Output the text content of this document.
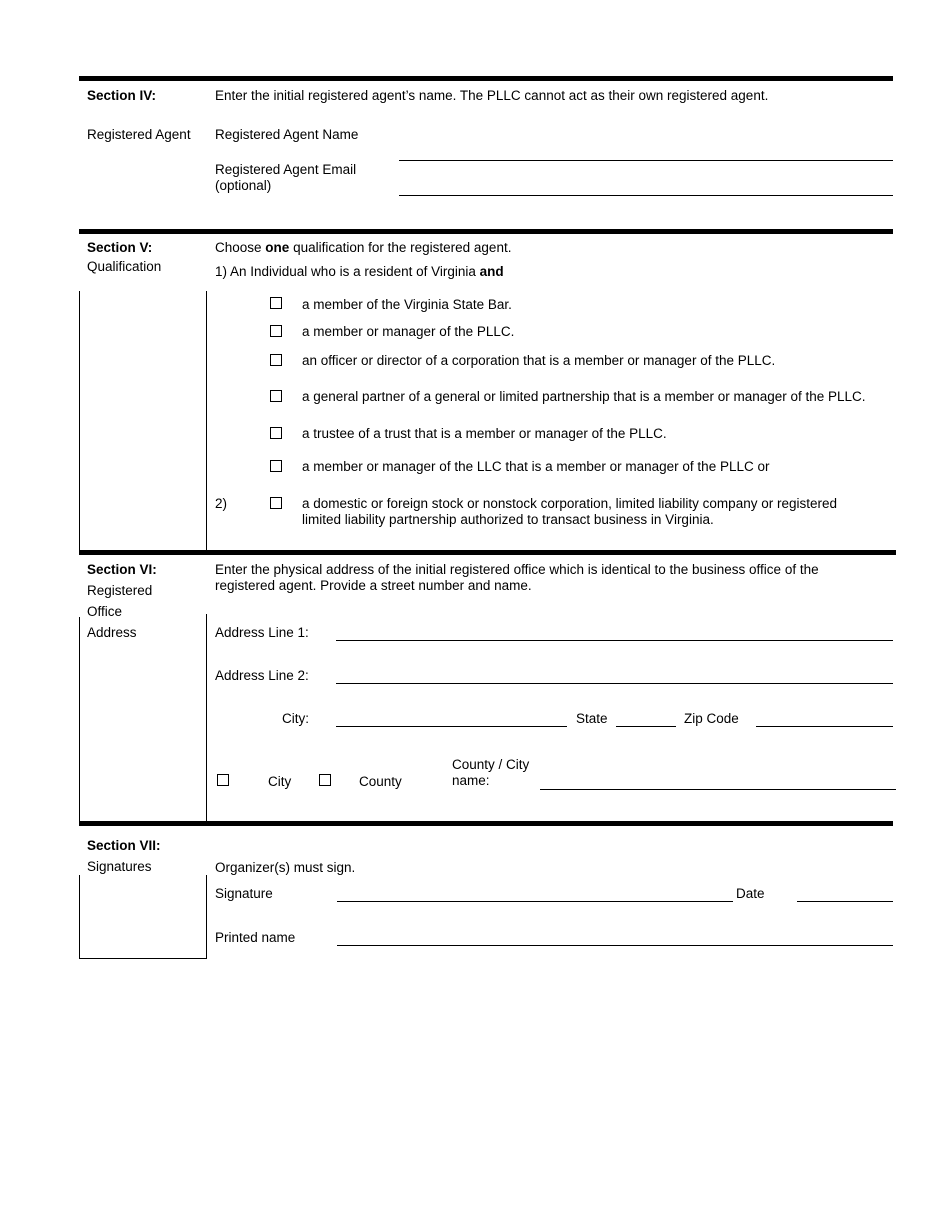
Section IV:
Registered Agent
Enter the initial registered agent’s name. The PLLC cannot act as their own registered agent.
Registered Agent Name
Registered Agent Email
(optional)
Section V:
Qualification
Choose one qualification for the registered agent.
1) An Individual who is a resident of Virginia and
a member of the Virginia State Bar.
a member or manager of the PLLC.
an officer or director of a corporation that is a member or manager of the PLLC.
a general partner of a general or limited partnership that is a member or manager of the PLLC.
a trustee of a trust that is a member or manager of the PLLC.
a member or manager of the LLC that is a member or manager of the PLLC or
2)	a domestic or foreign stock or nonstock corporation, limited liability company or registered limited liability partnership authorized to transact business in Virginia.
Section VI:
Registered
Office
Address
Enter the physical address of the initial registered office which is identical to the business office of the registered agent. Provide a street number and name.
Address Line 1:
Address Line 2:
City:	State	Zip Code
City	County
County / City
name:
Section VII:
Signatures	Organizer(s) must sign.
Signature	Date
Printed name
